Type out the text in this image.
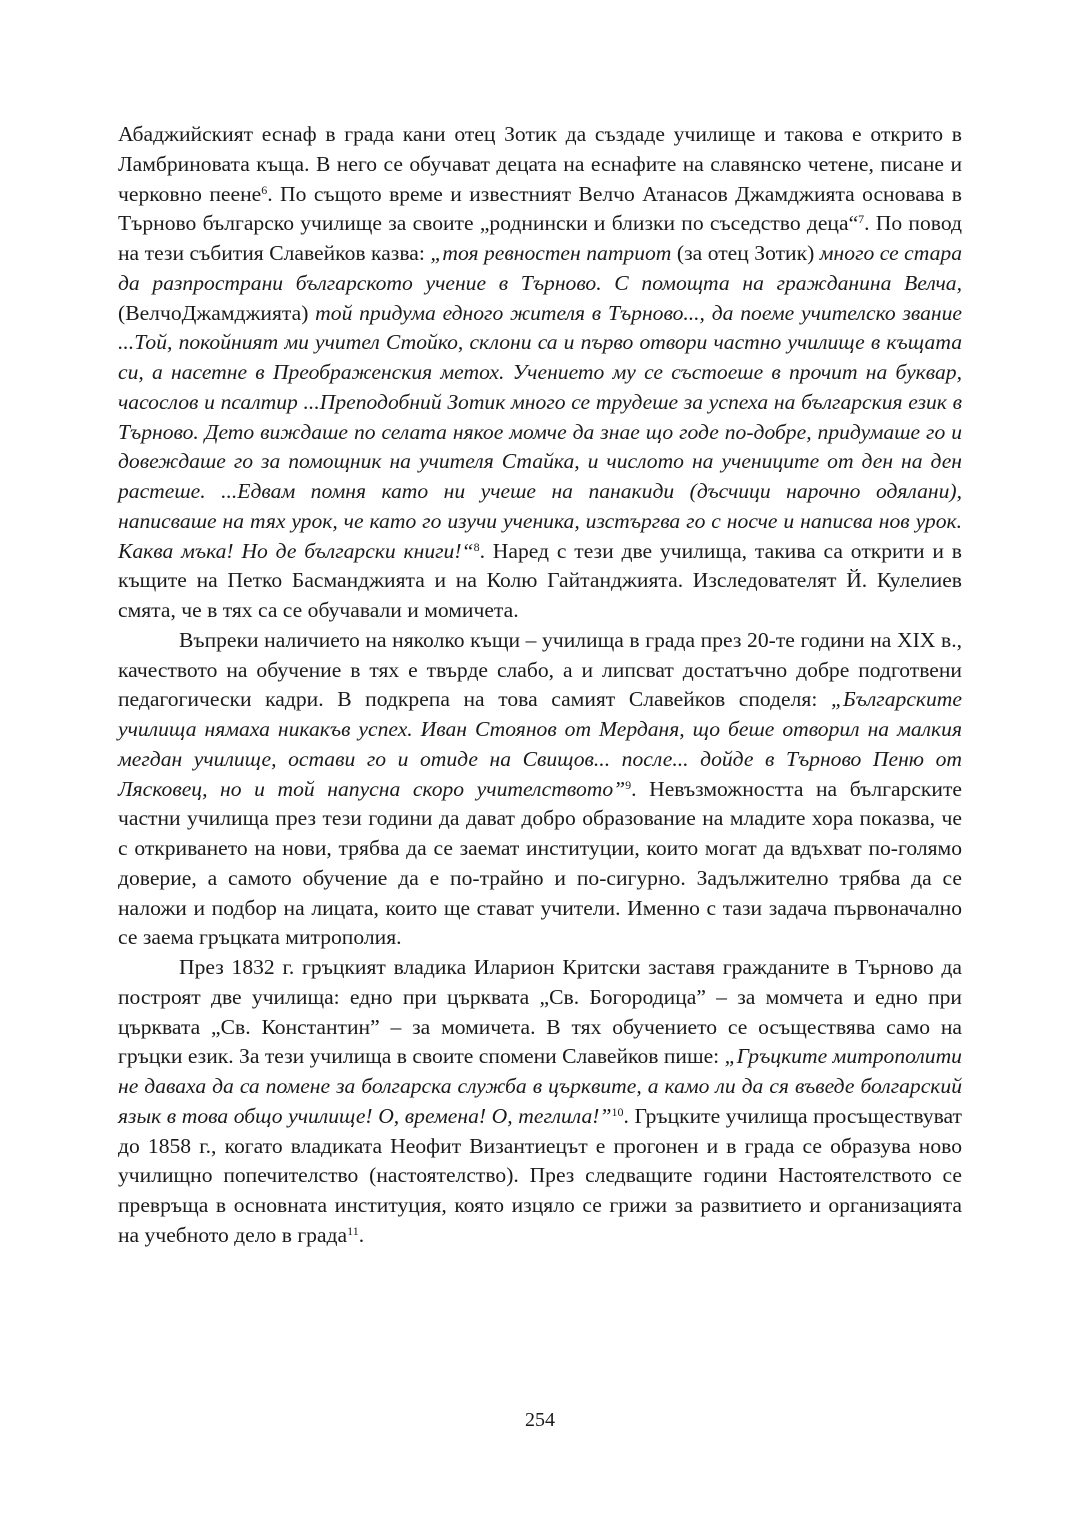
Абаджийският еснаф в града кани отец Зотик да създаде училище и такова е открито в Ламбриновата къща. В него се обучават децата на еснафите на славянско четене, писане и черковно пеене$^6$. По същото време и известният Велчо Атанасов Джамджията основава в Търново българско училище за своите „роднински и близки по съседство деца“$^7$. По повод на тези събития Славейков казва: „тоя ревностен патриот (за отец Зотик) много се стара да разпрострaни българското учение в Търново. С помощта на гражданина Велча, (ВелчоДжамджията) той придума едного жителя в Търново..., да поеме учителско звание ...Той, покойният ми учител Стойко, склони са и първо отвори частно училище в къщата си, а насетне в Преображенския метох. Учението му се състоеше в прочит на буквар, часослов и псалтир ...Преподобний Зотик много се трудеше за успеха на българския език в Търново. Дето виждаше по селата някое момче да знае що годе по-добре, придумаше го и довеждаше го за помощник на учителя Стайка, и числото на учениците от ден на ден растеше. ...Едвам помня като ни учеше на панакиди (дъсчици нарочно одялани), написваше на тях урок, че като го изучи ученика, изстъргва го с носче и написва нов урок. Каква мъка! Но де български книги!“$^8$. Наред с тези две училища, такива са открити и в къщите на Петко Басманджията и на Колю Гайтанджията. Изследователят Й. Кулелиев смята, че в тях са се обучавали и момичета.

Въпреки наличието на няколко къщи – училища в града през 20-те години на XIX в., качеството на обучение в тях е твърде слабо, а и липсват достатъчно добре подготвени педагогически кадри. В подкрепа на това самият Славейков споделя: „Българските училища нямаха никакъв успех. Иван Стоянов от Мердaня, що беше отворил на малкия мегдан училище, остави го и отиде на Свищов... после... дойде в Търново Пеню от Лясковец, но и той напусна скоро учителството”$^9$. Невъзможността на българските частни училища през тези години да дават добро образование на младите хора показва, че с откриването на нови, трябва да се заемат институции, които могат да вдъхват по-голямо доверие, а самото обучение да е по-трайно и по-сигурно. Задължително трябва да се наложи и подбор на лицата, които ще стават учители. Именно с тази задача първоначално се заема гръцката митрополия.

През 1832 г. гръцкият владика Иларион Критски заставя гражданите в Търново да построят две училища: едно при църквата „Св. Богородица” – за момчета и едно при църквата „Св. Константин” – за момичета. В тях обучението се осъществява само на гръцки език. За тези училища в своите спомени Славейков пише: „Гръцките митрополити не даваха да са помене за болгарска служба в църквите, а камо ли да ся въведе болгарский язык в това общо училище! О, времена! О, теглила!”$^{10}$. Гръцките училища просъществуват до 1858 г., когато владиката Неофит Византиецът е прогонен и в града се образува ново училищно попечителство (настоятелство). През следващите години Настоятелството се превръща в основната институция, която изцяло се грижи за развитието и организацията на учебното дело в града$^{11}$.

254
